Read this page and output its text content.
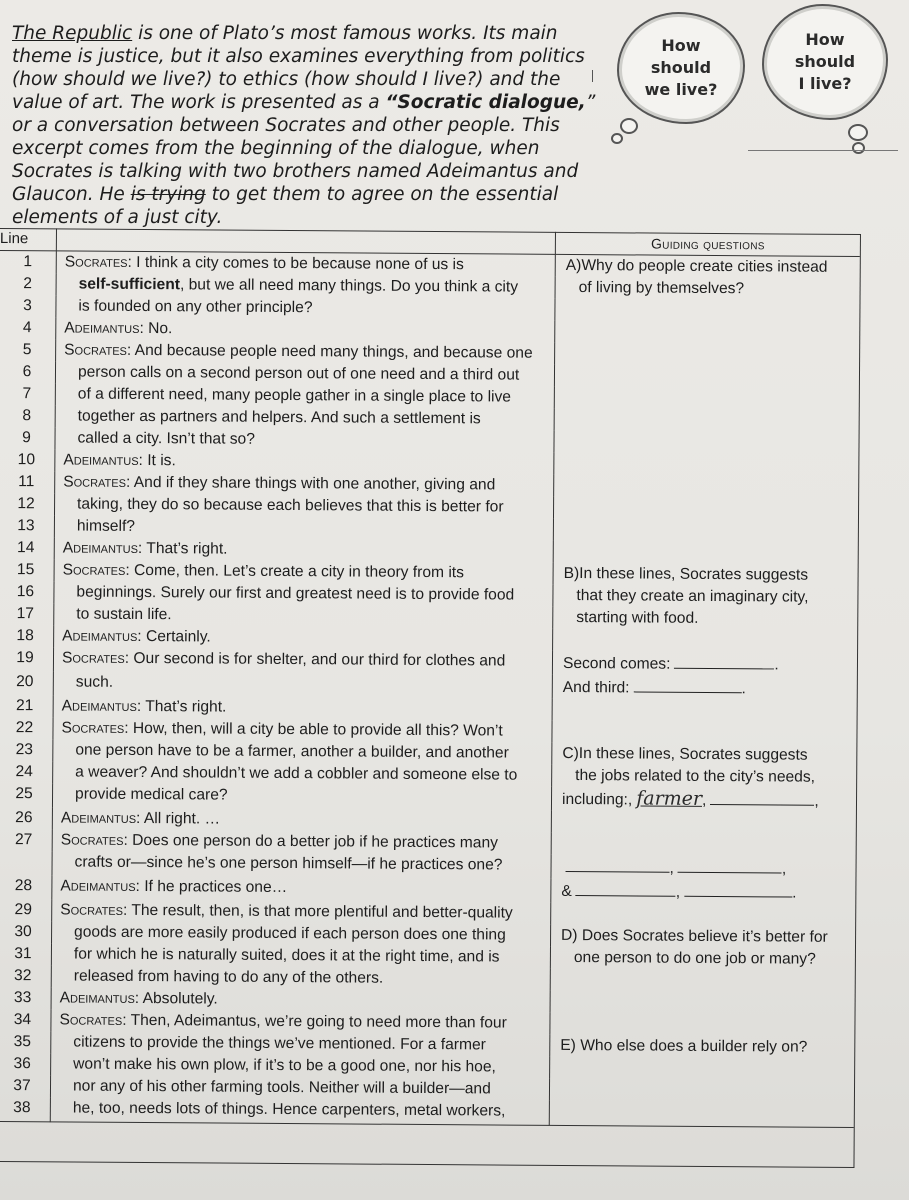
The Republic is one of Plato’s most famous works. Its main theme is justice, but it also examines everything from politics (how should we live?) to ethics (how should I live?) and the value of art. The work is presented as a “Socratic dialogue,” or a conversation between Socrates and other people. This excerpt comes from the beginning of the dialogue, when Socrates is talking with two brothers named Adeimantus and Glaucon. He is trying to get them to agree on the essential elements of a just city.

How
should
we live?
How
should
I live?
Line		Guiding questions
1	Socrates: I think a city comes to be because none of us is	A)Why do people create cities instead
2	self-sufficient, but we all need many things. Do you think a city	of living by themselves?
3	is founded on any other principle?	
4	Adeimantus: No.	
5	Socrates: And because people need many things, and because one	
6	person calls on a second person out of one need and a third out	
7	of a different need, many people gather in a single place to live	
8	together as partners and helpers. And such a settlement is	
9	called a city. Isn’t that so?	
10	Adeimantus: It is.	
11	Socrates: And if they share things with one another, giving and	
12	taking, they do so because each believes that this is better for	
13	himself?	
14	Adeimantus: That’s right.	
15	Socrates: Come, then. Let’s create a city in theory from its	B)In these lines, Socrates suggests
16	beginnings. Surely our first and greatest need is to provide food	that they create an imaginary city,
17	to sustain life.	starting with food.
18	Adeimantus: Certainly.	
19	Socrates: Our second is for shelter, and our third for clothes and	Second comes: .
20	such.	And third: .
21	Adeimantus: That’s right.	
22	Socrates: How, then, will a city be able to provide all this? Won’t	
23	one person have to be a farmer, another a builder, and another	C)In these lines, Socrates suggests
24	a weaver? And shouldn’t we add a cobbler and someone else to	the jobs related to the city’s needs,
25	provide medical care?	including:, farmer, ,
26	Adeimantus: All right. …	
27	Socrates: Does one person do a better job if he practices many	
	crafts or—since he’s one person himself—if he practices one?	, ,
28	Adeimantus: If he practices one…	& , .
29	Socrates: The result, then, is that more plentiful and better-quality	
30	goods are more easily produced if each person does one thing	D) Does Socrates believe it’s better for
31	for which he is naturally suited, does it at the right time, and is	one person to do one job or many?
32	released from having to do any of the others.	
33	Adeimantus: Absolutely.	
34	Socrates: Then, Adeimantus, we’re going to need more than four	
35	citizens to provide the things we’ve mentioned. For a farmer	E) Who else does a builder rely on?
36	won’t make his own plow, if it’s to be a good one, nor his hoe,	
37	nor any of his other farming tools. Neither will a builder—and	
38	he, too, needs lots of things. Hence carpenters, metal workers,	
